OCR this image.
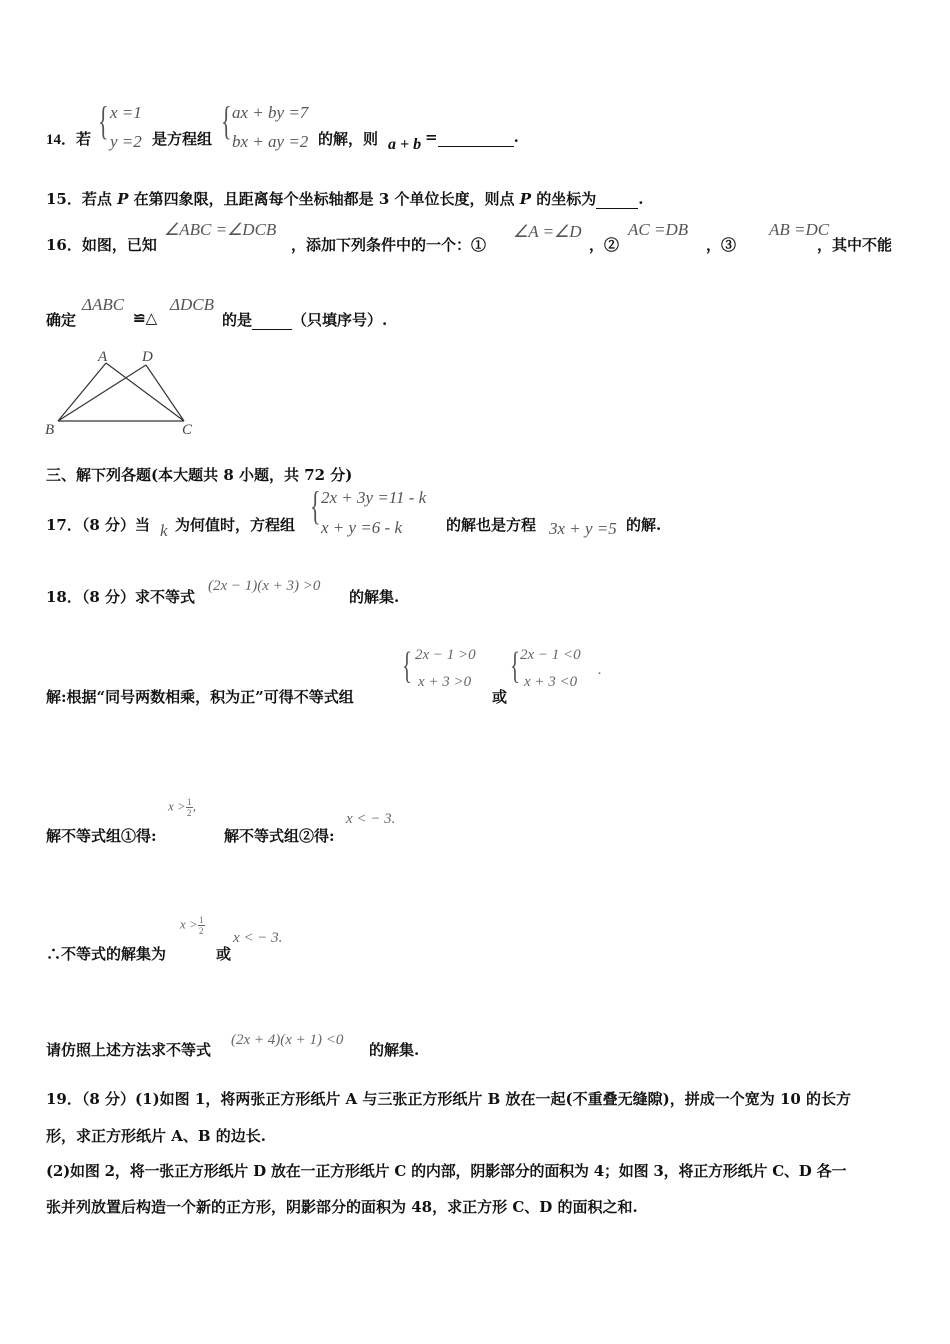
14．若 { x =1
y =2 是方程组 { ax + by =7
bx + ay =2 的解，则 a + b =	.
15．若点 P 在第四象限，且距离每个坐标轴都是 3 个单位长度，则点 P 的坐标为	.
16．如图，已知
∠ABC =∠DCB
，添加下列条件中的一个：①
∠A =∠D
，②
AC =DB
，③
AB =DC
，其中不能
确定
ΔABC
≌△
ΔDCB
的是	（只填序号）.
A D
B	C
三、解下列各题(本大题共 8 小题，共 72 分)
17．（8 分）当 k 为何值时，方程组 { 2x + 3y =11 - k
x + y =6 - k	的解也是方程 3x + y =5 的解.
18．（8 分）求不等式
(2x − 1)(x + 3) >0
的解集.
解:根据“同号两数相乘，积为正”可得不等式组
{ 2x − 1 >0
x + 3 >0
或
{ 2x − 1 <0
x + 3 <0
.
解不等式组①得:
$x > \frac{1}{2}$ ,
解不等式组②得:
x < − 3.
∴不等式的解集为
$x > \frac{1}{2}$
或
x < − 3.
请仿照上述方法求不等式
(2x + 4)(x + 1) <0
的解集.
19．（8 分）(1)如图 1，将两张正方形纸片 A 与三张正方形纸片 B 放在一起(不重叠无缝隙)，拼成一个宽为 10 的长方
形，求正方形纸片 A、B 的边长.
(2)如图 2，将一张正方形纸片 D 放在一正方形纸片 C 的内部，阴影部分的面积为 4；如图 3，将正方形纸片 C、D 各一
张并列放置后构造一个新的正方形，阴影部分的面积为 48，求正方形 C、D 的面积之和.
